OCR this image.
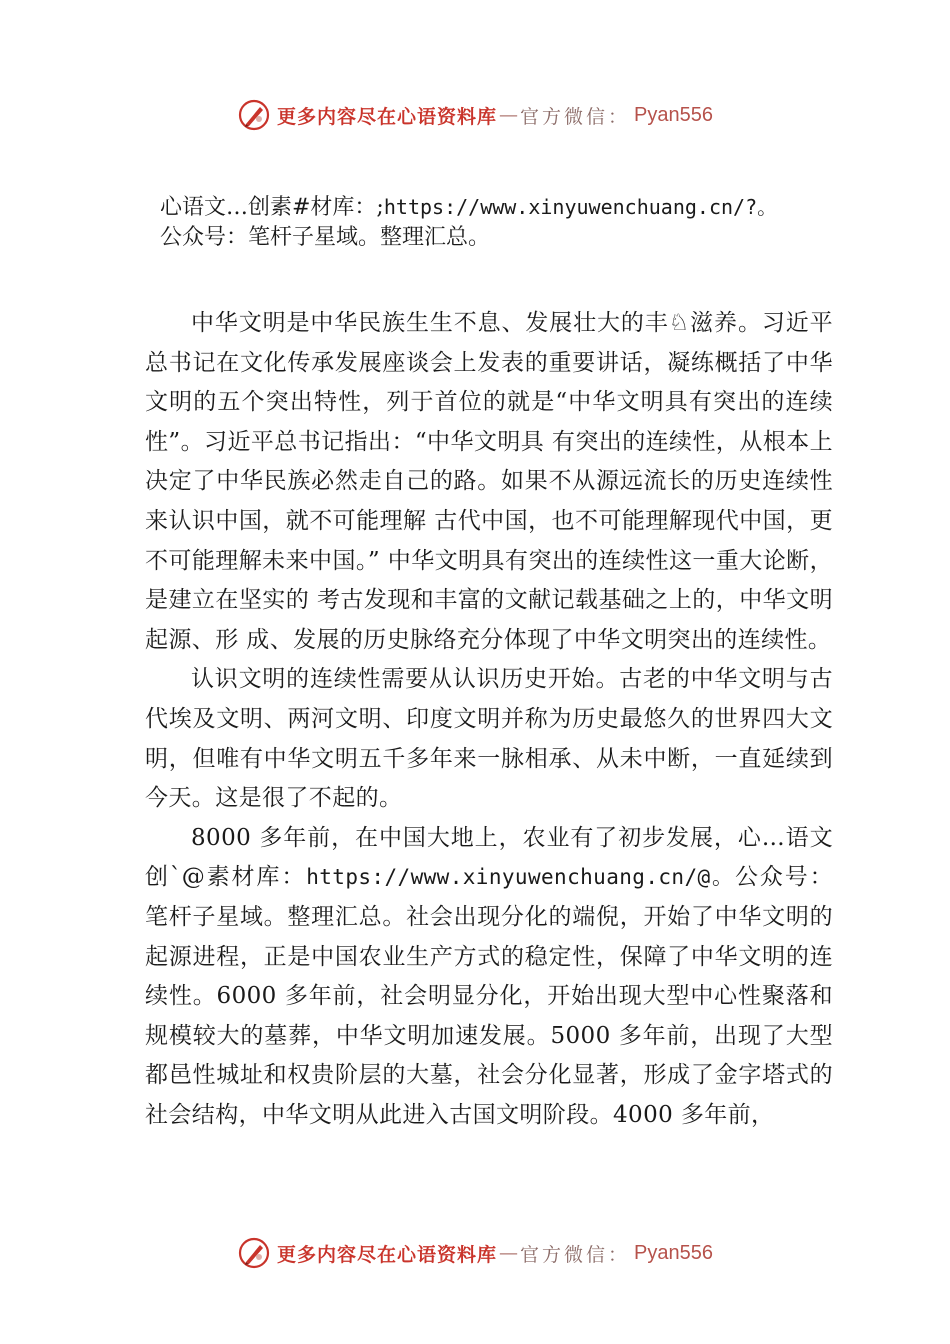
更多内容尽在心语资料库 — 官方微信： Pyan556
心语文…创素#材库：;https://www.xinyuwenchuang.cn/?。
公众号：笔杆子星域。整理汇总。

中华文明是中华民族生生不息、发展壮大的丰♘滋养。习近平总书记在文化传承发展座谈会上发表的重要讲话，凝练概括了中华文明的五个突出特性，列于首位的就是“中华文明具有突出的连续性”。习近平总书记指出：“中华文明具 有突出的连续性，从根本上决定了中华民族必然走自己的路。如果不从源远流长的历史连续性来认识中国，就不可能理解 古代中国，也不可能理解现代中国，更不可能理解未来中国。” 中华文明具有突出的连续性这一重大论断，是建立在坚实的 考古发现和丰富的文献记载基础之上的，中华文明起源、形 成、发展的历史脉络充分体现了中华文明突出的连续性。

认识文明的连续性需要从认识历史开始。古老的中华文明与古代埃及文明、两河文明、印度文明并称为历史最悠久的世界四大文明，但唯有中华文明五千多年来一脉相承、从未中断，一直延续到今天。这是很了不起的。

8000 多年前，在中国大地上，农业有了初步发展，心…语文创`@素材库：https://www.xinyuwenchuang.cn/@。公众号：笔杆子星域。整理汇总。社会出现分化的端倪，开始了中华文明的起源进程，正是中国农业生产方式的稳定性，保障了中华文明的连续性。6000 多年前，社会明显分化，开始出现大型中心性聚落和规模较大的墓葬，中华文明加速发展。5000 多年前，出现了大型都邑性城址和权贵阶层的大墓，社会分化显著，形成了金字塔式的社会结构，中华文明从此进入古国文明阶段。4000 多年前，

更多内容尽在心语资料库 — 官方微信： Pyan556
